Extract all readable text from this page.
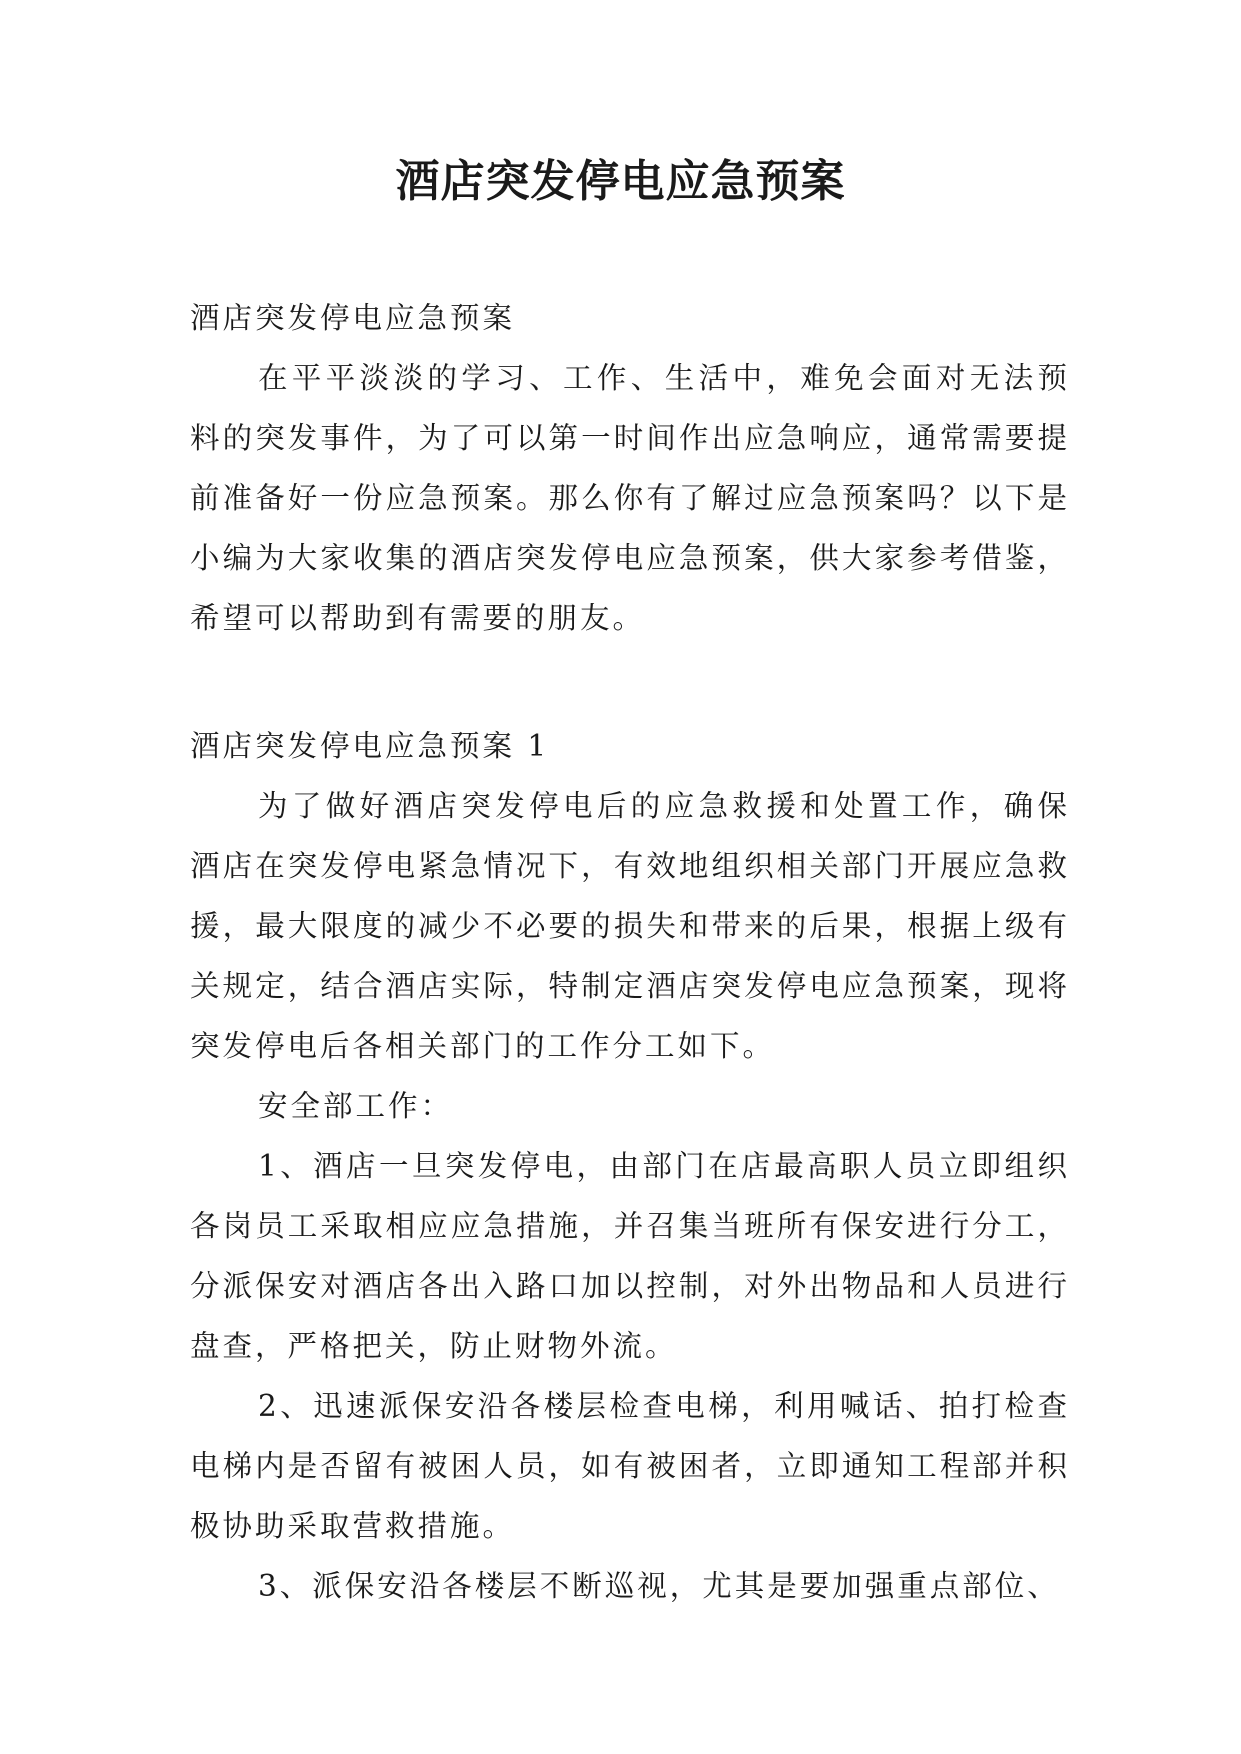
酒店突发停电应急预案

酒店突发停电应急预案

在平平淡淡的学习、工作、生活中，难免会面对无法预料的突发事件，为了可以第一时间作出应急响应，通常需要提前准备好一份应急预案。那么你有了解过应急预案吗？以下是小编为大家收集的酒店突发停电应急预案，供大家参考借鉴，希望可以帮助到有需要的朋友。

酒店突发停电应急预案 1

为了做好酒店突发停电后的应急救援和处置工作，确保酒店在突发停电紧急情况下，有效地组织相关部门开展应急救援，最大限度的减少不必要的损失和带来的后果，根据上级有关规定，结合酒店实际，特制定酒店突发停电应急预案，现将突发停电后各相关部门的工作分工如下。

安全部工作：

1、酒店一旦突发停电，由部门在店最高职人员立即组织各岗员工采取相应应急措施，并召集当班所有保安进行分工，分派保安对酒店各出入路口加以控制，对外出物品和人员进行盘查，严格把关，防止财物外流。

2、迅速派保安沿各楼层检查电梯，利用喊话、拍打检查电梯内是否留有被困人员，如有被困者，立即通知工程部并积极协助采取营救措施。

3、派保安沿各楼层不断巡视，尤其是要加强重点部位、
